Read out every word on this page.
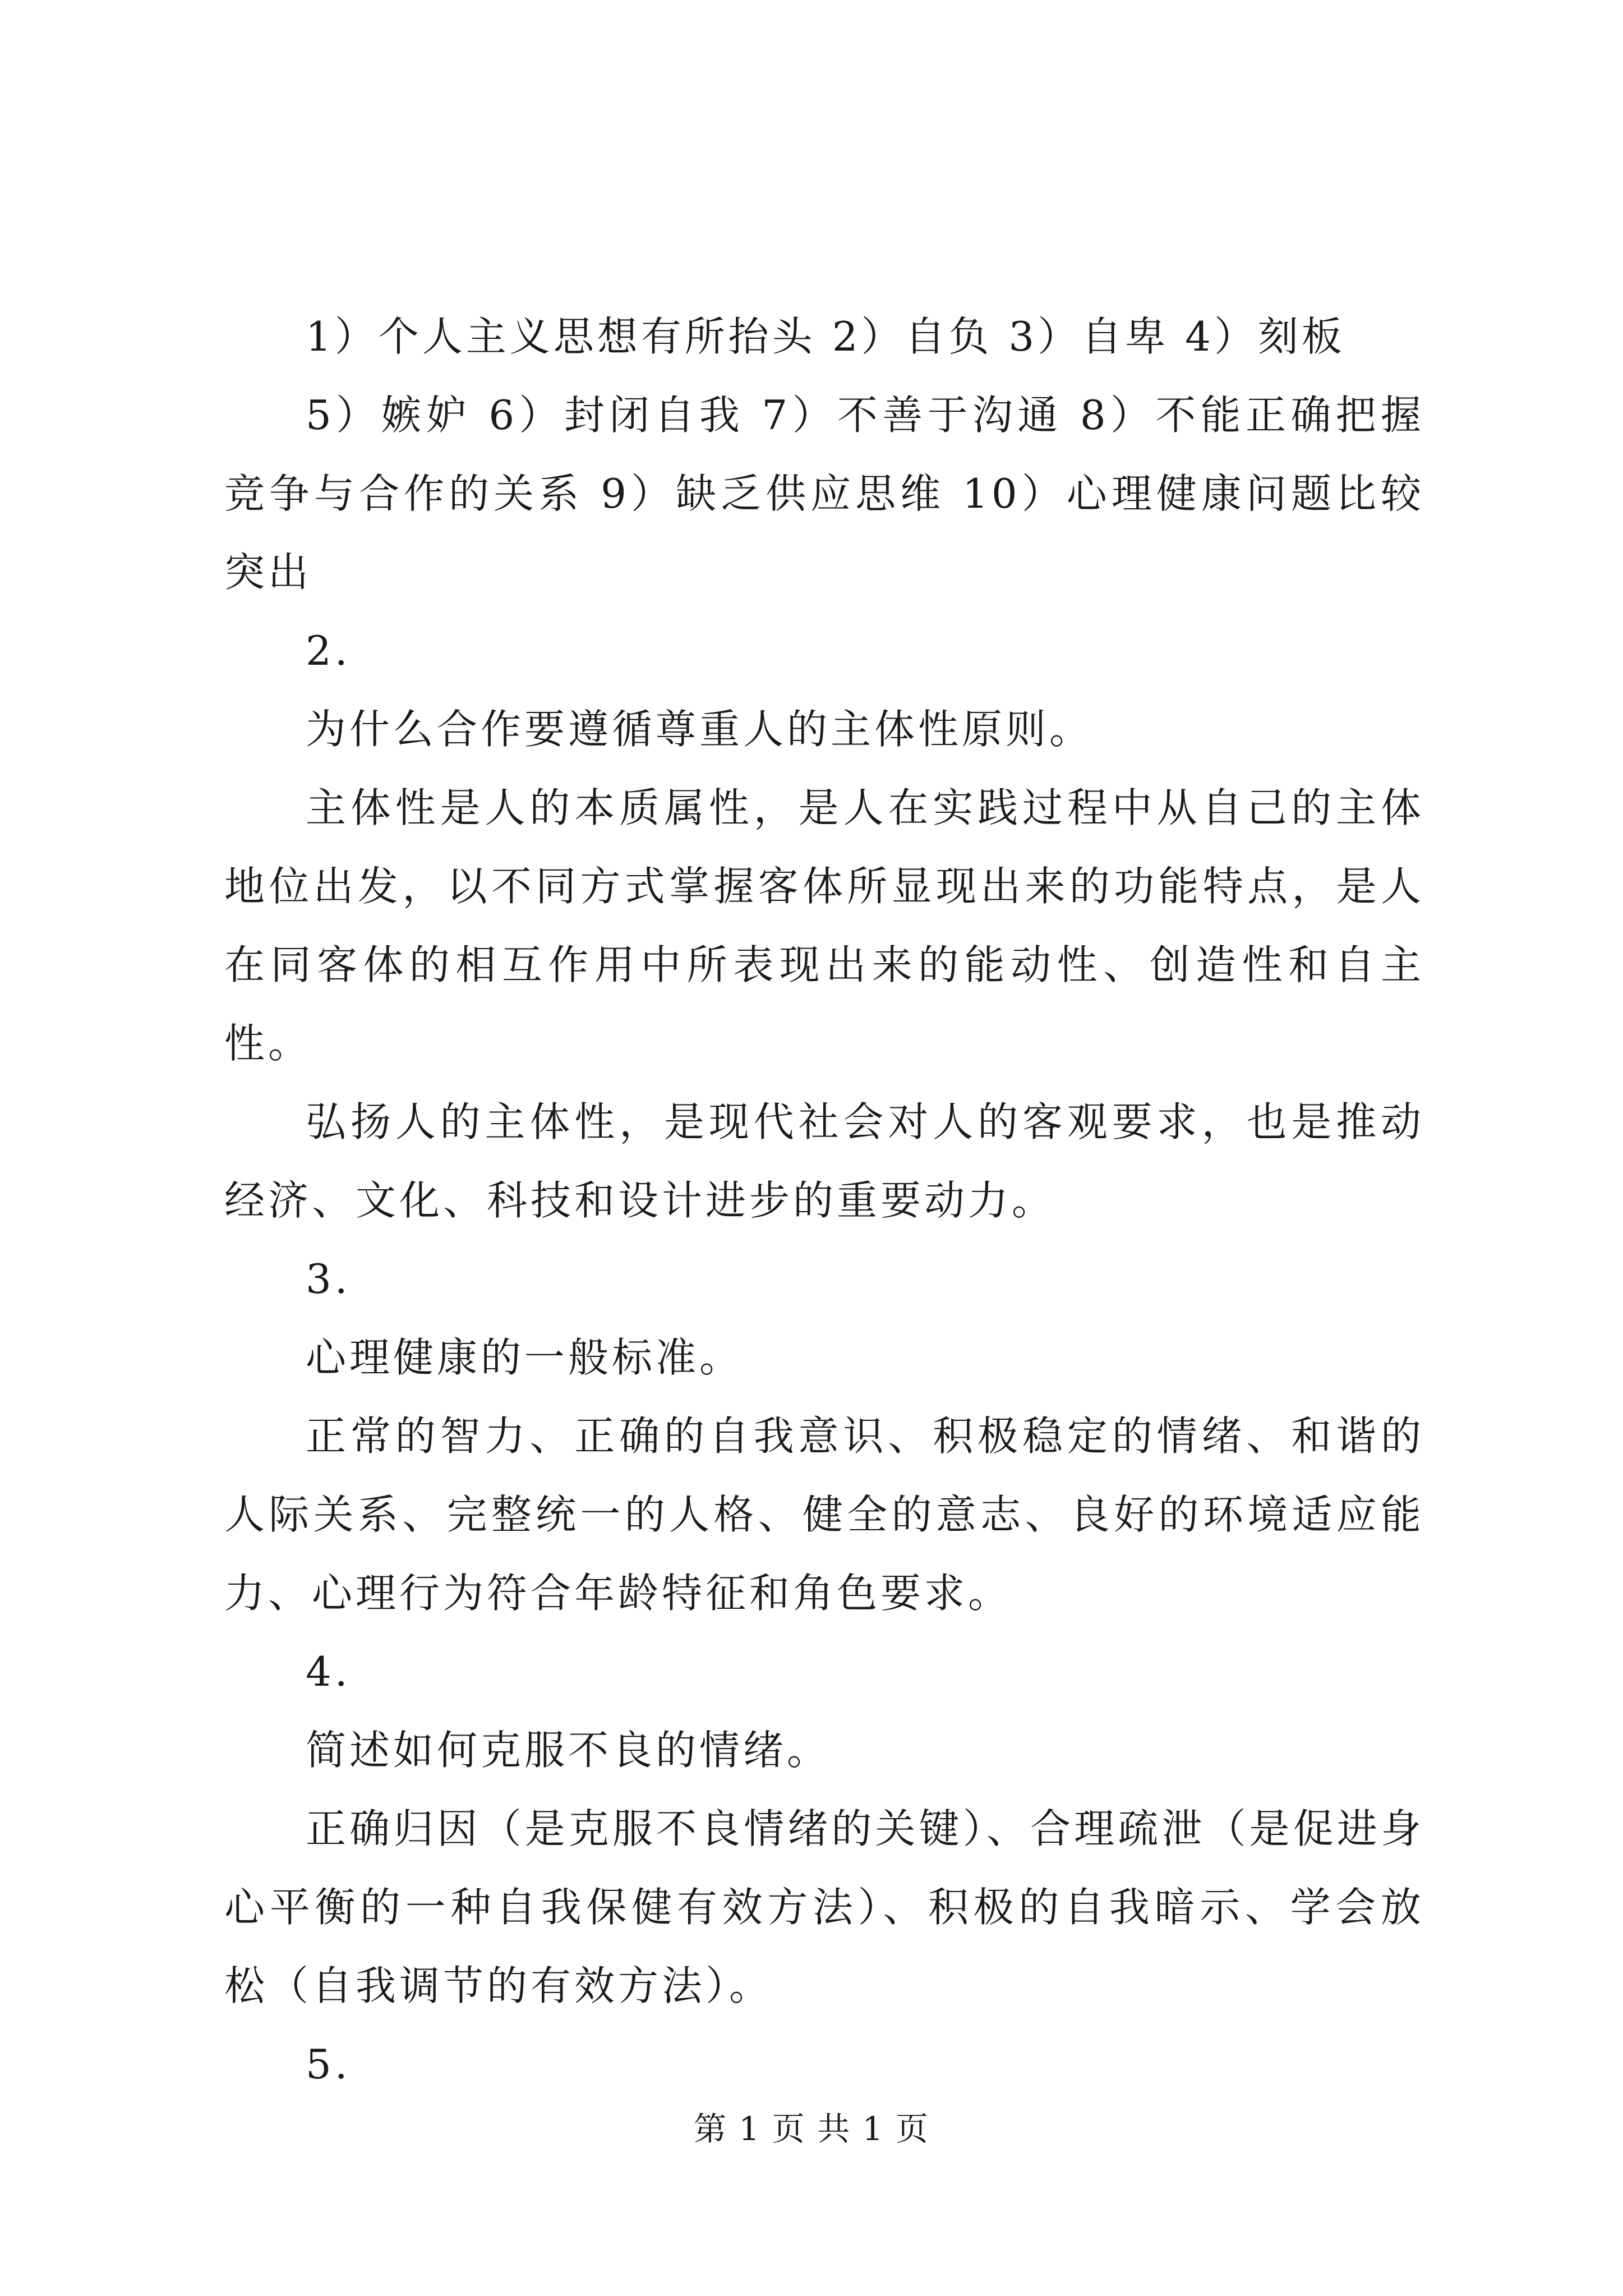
1）个人主义思想有所抬头 2）自负 3）自卑 4）刻板

5）嫉妒 6）封闭自我 7）不善于沟通 8）不能正确把握竞争与合作的关系 9）缺乏供应思维 10）心理健康问题比较突出

2.

为什么合作要遵循尊重人的主体性原则。

主体性是人的本质属性，是人在实践过程中从自己的主体地位出发，以不同方式掌握客体所显现出来的功能特点，是人在同客体的相互作用中所表现出来的能动性、创造性和自主性。

弘扬人的主体性，是现代社会对人的客观要求，也是推动经济、文化、科技和设计进步的重要动力。

3.

心理健康的一般标准。

正常的智力、正确的自我意识、积极稳定的情绪、和谐的人际关系、完整统一的人格、健全的意志、良好的环境适应能力、心理行为符合年龄特征和角色要求。

4.

简述如何克服不良的情绪。

正确归因（是克服不良情绪的关键）、合理疏泄（是促进身心平衡的一种自我保健有效方法）、积极的自我暗示、学会放松（自我调节的有效方法）。

5.

第 1 页 共 1 页
